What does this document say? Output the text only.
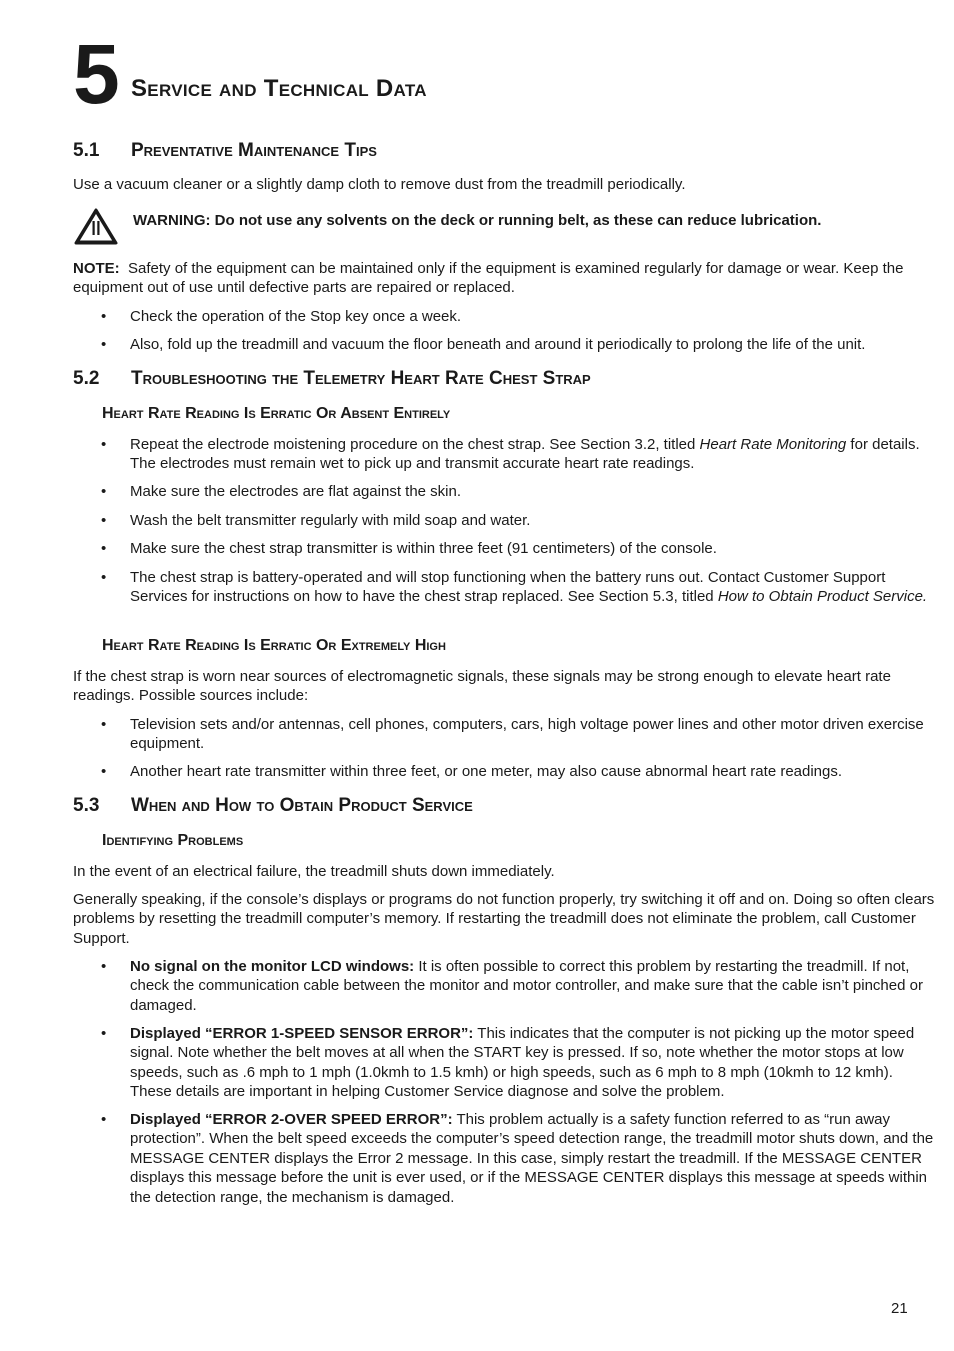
5 Service and Technical Data
5.1 Preventative Maintenance Tips
Use a vacuum cleaner or a slightly damp cloth to remove dust from the treadmill periodically.
WARNING: Do not use any solvents on the deck or running belt, as these can reduce lubrication.
NOTE: Safety of the equipment can be maintained only if the equipment is examined regularly for damage or wear. Keep the equipment out of use until defective parts are repaired or replaced.
• Check the operation of the Stop key once a week.
• Also, fold up the treadmill and vacuum the floor beneath and around it periodically to prolong the life of the unit.
5.2 Troubleshooting the Telemetry Heart Rate Chest Strap
Heart Rate Reading Is Erratic Or Absent Entirely
• Repeat the electrode moistening procedure on the chest strap. See Section 3.2, titled Heart Rate Monitoring for details. The electrodes must remain wet to pick up and transmit accurate heart rate readings.
• Make sure the electrodes are flat against the skin.
• Wash the belt transmitter regularly with mild soap and water.
• Make sure the chest strap transmitter is within three feet (91 centimeters) of the console.
• The chest strap is battery-operated and will stop functioning when the battery runs out. Contact Customer Support Services for instructions on how to have the chest strap replaced. See Section 5.3, titled How to Obtain Product Service.
Heart Rate Reading Is Erratic Or Extremely High
If the chest strap is worn near sources of electromagnetic signals, these signals may be strong enough to elevate heart rate readings. Possible sources include:
• Television sets and/or antennas, cell phones, computers, cars, high voltage power lines and other motor driven exercise equipment.
• Another heart rate transmitter within three feet, or one meter, may also cause abnormal heart rate readings.
5.3 When and How to Obtain Product Service
Identifying Problems
In the event of an electrical failure, the treadmill shuts down immediately.
Generally speaking, if the console’s displays or programs do not function properly, try switching it off and on. Doing so often clears problems by resetting the treadmill computer’s memory. If restarting the treadmill does not eliminate the problem, call Customer Support.
• No signal on the monitor LCD windows: It is often possible to correct this problem by restarting the treadmill. If not, check the communication cable between the monitor and motor controller, and make sure that the cable isn’t pinched or damaged.
• Displayed “ERROR 1-SPEED SENSOR ERROR”: This indicates that the computer is not picking up the motor speed signal. Note whether the belt moves at all when the START key is pressed. If so, note whether the motor stops at low speeds, such as .6 mph to 1 mph (1.0kmh to 1.5 kmh) or high speeds, such as 6 mph to 8 mph (10kmh to 12 kmh). These details are important in helping Customer Service diagnose and solve the problem.
• Displayed “ERROR 2-OVER SPEED ERROR”: This problem actually is a safety function referred to as “run away protection”. When the belt speed exceeds the computer’s speed detection range, the treadmill motor shuts down, and the MESSAGE CENTER displays the Error 2 message. In this case, simply restart the treadmill. If the MESSAGE CENTER displays this message before the unit is ever used, or if the MESSAGE CENTER displays this message at speeds within the detection range, the mechanism is damaged.
21
